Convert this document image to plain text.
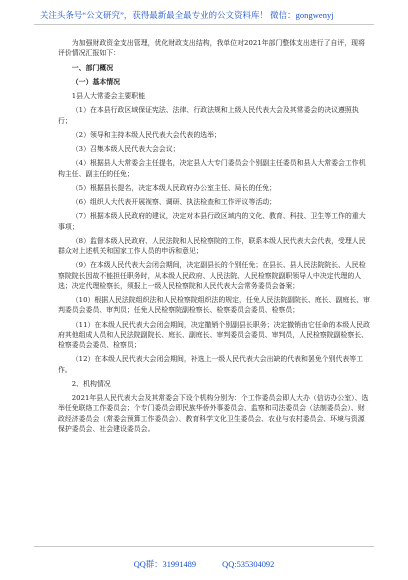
关注头条号“公文研究”，获得最新最全最专业的公文资料库！ 微信：gongwenyj

为加强财政资金支出管理，优化财政支出结构，我单位对2021年部门整体支出进行了自评，现将评价情况汇报如下：

一、部门概况

（一）基本情况

1县人大常委会主要职能

（1）在本县行政区域保证宪法、法律、行政法规和上级人民代表大会及其常委会的决议遵照执行；

（2）领导和主持本级人民代表大会代表的选举；

（3）召集本级人民代表大会会议；

（4）根据县人大常委会主任提名，决定县人大专门委员会个别副主任委员和县人大常委会工作机构主任、副主任的任免；

（5）根据县长提名，决定本级人民政府办公室主任、局长的任免；

（6）组织人大代表开展视察、调研、执法检查和工作评议等活动；

（7）根据本级人民政府的建议，决定对本县行政区域内的文化、教育、科技、卫生等工作的重大事项；

（8）监督本级人民政府、人民法院和人民检察院的工作，联系本级人民代表大会代表，受理人民群众对上述机关和国家工作人员的申诉和意见；

（9）在本级人民代表大会闭会期间，决定副县长的个别任免；在县长、县人民法院院长、人民检察院院长因故不能担任职务时，从本级人民政府、人民法院、人民检察院副职领导人中决定代理的人选；决定代理检察长，须报上一级人民检察院和人民代表大会常务委员会备案；

（10）根据人民法院组织法和人民检察院组织法的规定，任免人民法院副院长、庭长、副庭长、审判委员会委员、审判员；任免人民检察院副检察长、检察委员会委员、检察员；

（11）在本级人民代表大会闭会期间，决定撤销个别副县长职务；决定撤销由它任命的本级人民政府其他组成人员和人民法院副院长、庭长、副庭长、审判委员会委员、审判员，人民检察院副检察长、检察委员会委员、检察员；

（12）在本级人民代表大会闭会期间，补选上一级人民代表大会出缺的代表和罢免个别代表等工作。

2、机构情况

2021年县人民代表大会及其常委会下设个机构分别为：个工作委员会即人大办（信访办公室）、选举任免联络工作委员会；个专门委员会即民族华侨外事委员会、监察和司法委员会（法制委员会）、财政经济委员会（常委会预算工作委员会）、教育科学文化卫生委员会、农业与农村委员会、环境与资源保护委员会、社会建设委员会。

QQ群：31991489	QQ:535304092
